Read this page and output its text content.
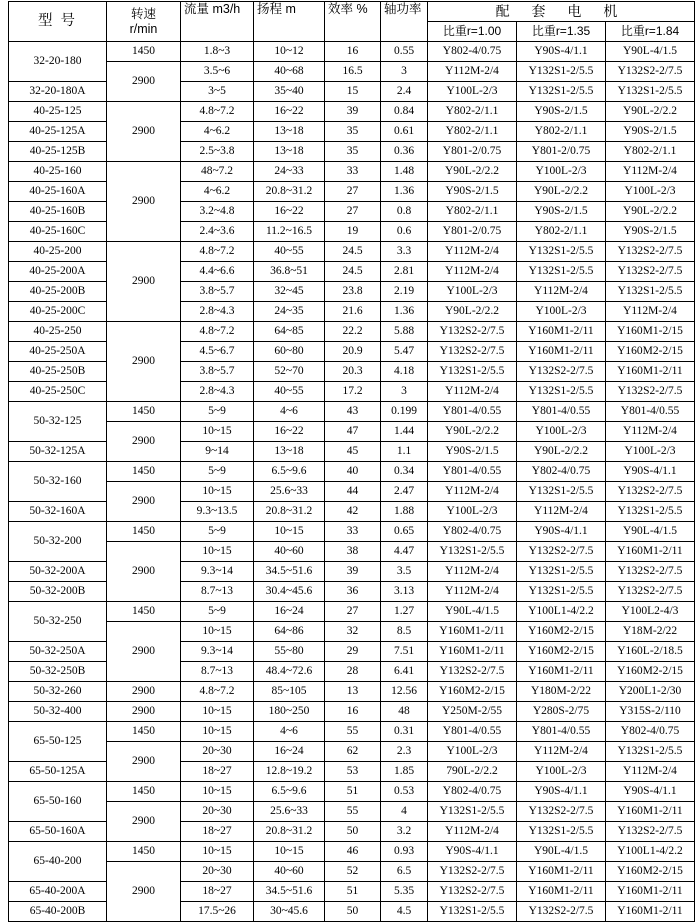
型 号	转速
r/min	流量 m3/h	扬程 m	效率 %	轴功率	配 套 电 机		
						比重r=1.00	比重r=1.35	比重r=1.84
32-20-180	1450	1.8~3	10~12	16	0.55	Y802-4/0.75	Y90S-4/1.1	Y90L-4/1.5
	2900	3.5~6	40~68	16.5	3	Y112M-2/4	Y132S1-2/5.5	Y132S2-2/7.5
32-20-180A		3~5	35~40	15	2.4	Y100L-2/3	Y132S1-2/5.5	Y132S1-2/5.5
40-25-125	2900	4.8~7.2	16~22	39	0.84	Y802-2/1.1	Y90S-2/1.5	Y90L-2/2.2
40-25-125A		4~6.2	13~18	35	0.61	Y802-2/1.1	Y802-2/1.1	Y90S-2/1.5
40-25-125B		2.5~3.8	13~18	35	0.36	Y801-2/0.75	Y801-2/0.75	Y802-2/1.1
40-25-160	2900	48~7.2	24~33	33	1.48	Y90L-2/2.2	Y100L-2/3	Y112M-2/4
40-25-160A		4~6.2	20.8~31.2	27	1.36	Y90S-2/1.5	Y90L-2/2.2	Y100L-2/3
40-25-160B		3.2~4.8	16~22	27	0.8	Y802-2/1.1	Y90S-2/1.5	Y90L-2/2.2
40-25-160C		2.4~3.6	11.2~16.5	19	0.6	Y801-2/0.75	Y802-2/1.1	Y90S-2/1.5
40-25-200	2900	4.8~7.2	40~55	24.5	3.3	Y112M-2/4	Y132S1-2/5.5	Y132S2-2/7.5
40-25-200A		4.4~6.6	36.8~51	24.5	2.81	Y112M-2/4	Y132S1-2/5.5	Y132S2-2/7.5
40-25-200B		3.8~5.7	32~45	23.8	2.19	Y100L-2/3	Y112M-2/4	Y132S1-2/5.5
40-25-200C		2.8~4.3	24~35	21.6	1.36	Y90L-2/2.2	Y100L-2/3	Y112M-2/4
40-25-250	2900	4.8~7.2	64~85	22.2	5.88	Y132S2-2/7.5	Y160M1-2/11	Y160M1-2/15
40-25-250A		4.5~6.7	60~80	20.9	5.47	Y132S2-2/7.5	Y160M1-2/11	Y160M2-2/15
40-25-250B		3.8~5.7	52~70	20.3	4.18	Y132S1-2/5.5	Y132S2-2/7.5	Y160M1-2/11
40-25-250C		2.8~4.3	40~55	17.2	3	Y112M-2/4	Y132S1-2/5.5	Y132S2-2/7.5
50-32-125	1450	5~9	4~6	43	0.199	Y801-4/0.55	Y801-4/0.55	Y801-4/0.55
	2900	10~15	16~22	47	1.44	Y90L-2/2.2	Y100L-2/3	Y112M-2/4
50-32-125A		9~14	13~18	45	1.1	Y90S-2/1.5	Y90L-2/2.2	Y100L-2/3
50-32-160	1450	5~9	6.5~9.6	40	0.34	Y801-4/0.55	Y802-4/0.75	Y90S-4/1.1
	2900	10~15	25.6~33	44	2.47	Y112M-2/4	Y132S1-2/5.5	Y132S2-2/7.5
50-32-160A		9.3~13.5	20.8~31.2	42	1.88	Y100L-2/3	Y112M-2/4	Y132S1-2/5.5
50-32-200	1450	5~9	10~15	33	0.65	Y802-4/0.75	Y90S-4/1.1	Y90L-4/1.5
	2900	10~15	40~60	38	4.47	Y132S1-2/5.5	Y132S2-2/7.5	Y160M1-2/11
50-32-200A		9.3~14	34.5~51.6	39	3.5	Y112M-2/4	Y132S1-2/5.5	Y132S2-2/7.5
50-32-200B		8.7~13	30.4~45.6	36	3.13	Y112M-2/4	Y132S1-2/5.5	Y132S2-2/7.5
50-32-250	1450	5~9	16~24	27	1.27	Y90L-4/1.5	Y100L1-4/2.2	Y100L2-4/3
	2900	10~15	64~86	32	8.5	Y160M1-2/11	Y160M2-2/15	Y18M-2/22
50-32-250A		9.3~14	55~80	29	7.51	Y160M1-2/11	Y160M2-2/15	Y160L-2/18.5
50-32-250B		8.7~13	48.4~72.6	28	6.41	Y132S2-2/7.5	Y160M1-2/11	Y160M2-2/15
50-32-260	2900	4.8~7.2	85~105	13	12.56	Y160M2-2/15	Y180M-2/22	Y200L1-2/30
50-32-400	2900	10~15	180~250	16	48	Y250M-2/55	Y280S-2/75	Y315S-2/110
65-50-125	1450	10~15	4~6	55	0.31	Y801-4/0.55	Y801-4/0.55	Y802-4/0.75
	2900	20~30	16~24	62	2.3	Y100L-2/3	Y112M-2/4	Y132S1-2/5.5
65-50-125A		18~27	12.8~19.2	53	1.85	790L-2/2.2	Y100L-2/3	Y112M-2/4
65-50-160	1450	10~15	6.5~9.6	51	0.53	Y802-4/0.75	Y90S-4/1.1	Y90S-4/1.1
	2900	20~30	25.6~33	55	4	Y132S1-2/5.5	Y132S2-2/7.5	Y160M1-2/11
65-50-160A		18~27	20.8~31.2	50	3.2	Y112M-2/4	Y132S1-2/5.5	Y132S2-2/7.5
65-40-200	1450	10~15	10~15	46	0.93	Y90S-4/1.1	Y90L-4/1.5	Y100L1-4/2.2
	2900	20~30	40~60	52	6.5	Y132S2-2/7.5	Y160M1-2/11	Y160M2-2/15
65-40-200A		18~27	34.5~51.6	51	5.35	Y132S2-2/7.5	Y160M1-2/11	Y160M1-2/11
65-40-200B		17.5~26	30~45.6	50	4.5	Y132S1-2/5.5	Y132S2-2/7.5	Y160M1-2/11
